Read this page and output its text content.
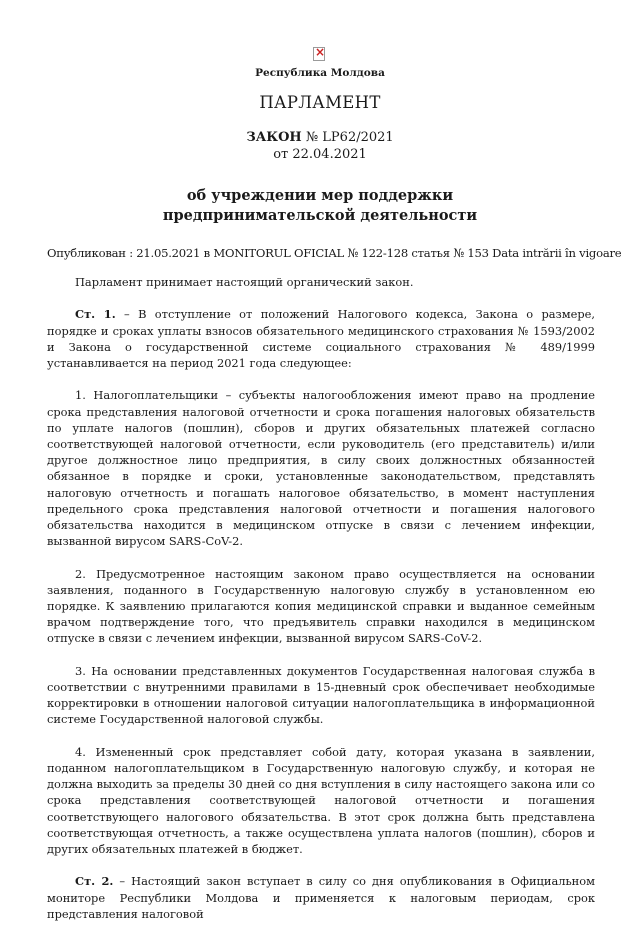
×
Республика Молдова
ПАРЛАМЕНТ
ЗАКОН № LP62/2021
от 22.04.2021
об учреждении мер поддержки
предпринимательской деятельности
Опубликован : 21.05.2021 в MONITORUL OFICIAL № 122-128 статья № 153 Data intrării în vigoare

Парламент принимает настоящий органический закон.

Ст. 1. – В отступление от положений Налогового кодекса, Закона о размере, порядке и сроках уплаты взносов обязательного медицинского страхования № 1593/2002 и Закона о государственной системе социального страхования № 489/1999 устанавливается на период 2021 года следующее:

1. Налогоплательщики – субъекты налогообложения имеют право на продление срока представления налоговой отчетности и срока погашения налоговых обязательств по уплате налогов (пошлин), сборов и других обязательных платежей согласно соответствующей налоговой отчетности, если руководитель (его представитель) и/или другое должностное лицо предприятия, в силу своих должностных обязанностей обязанное в порядке и сроки, установленные законодательством, представлять налоговую отчетность и погашать налоговое обязательство, в момент наступления предельного срока представления налоговой отчетности и погашения налогового обязательства находится в медицинском отпуске в связи с лечением инфекции, вызванной вирусом SARS-CoV-2.

2. Предусмотренное настоящим законом право осуществляется на основании заявления, поданного в Государственную налоговую службу в установленном ею порядке. К заявлению прилагаются копия медицинской справки и выданное семейным врачом подтверждение того, что предъявитель справки находился в медицинском отпуске в связи с лечением инфекции, вызванной вирусом SARS-CoV-2.

3. На основании представленных документов Государственная налоговая служба в соответствии с внутренними правилами в 15-дневный срок обеспечивает необходимые корректировки в отношении налоговой ситуации налогоплательщика в информационной системе Государственной налоговой службы.

4. Измененный срок представляет собой дату, которая указана в заявлении, поданном налогоплательщиком в Государственную налоговую службу, и которая не должна выходить за пределы 30 дней со дня вступления в силу настоящего закона или со срока представления соответствующей налоговой отчетности и погашения соответствующего налогового обязательства. В этот срок должна быть представлена соответствующая отчетность, а также осуществлена уплата налогов (пошлин), сборов и других обязательных платежей в бюджет.

Ст. 2. – Настоящий закон вступает в силу со дня опубликования в Официальном мониторе Республики Молдова и применяется к налоговым периодам, срок представления налоговой
